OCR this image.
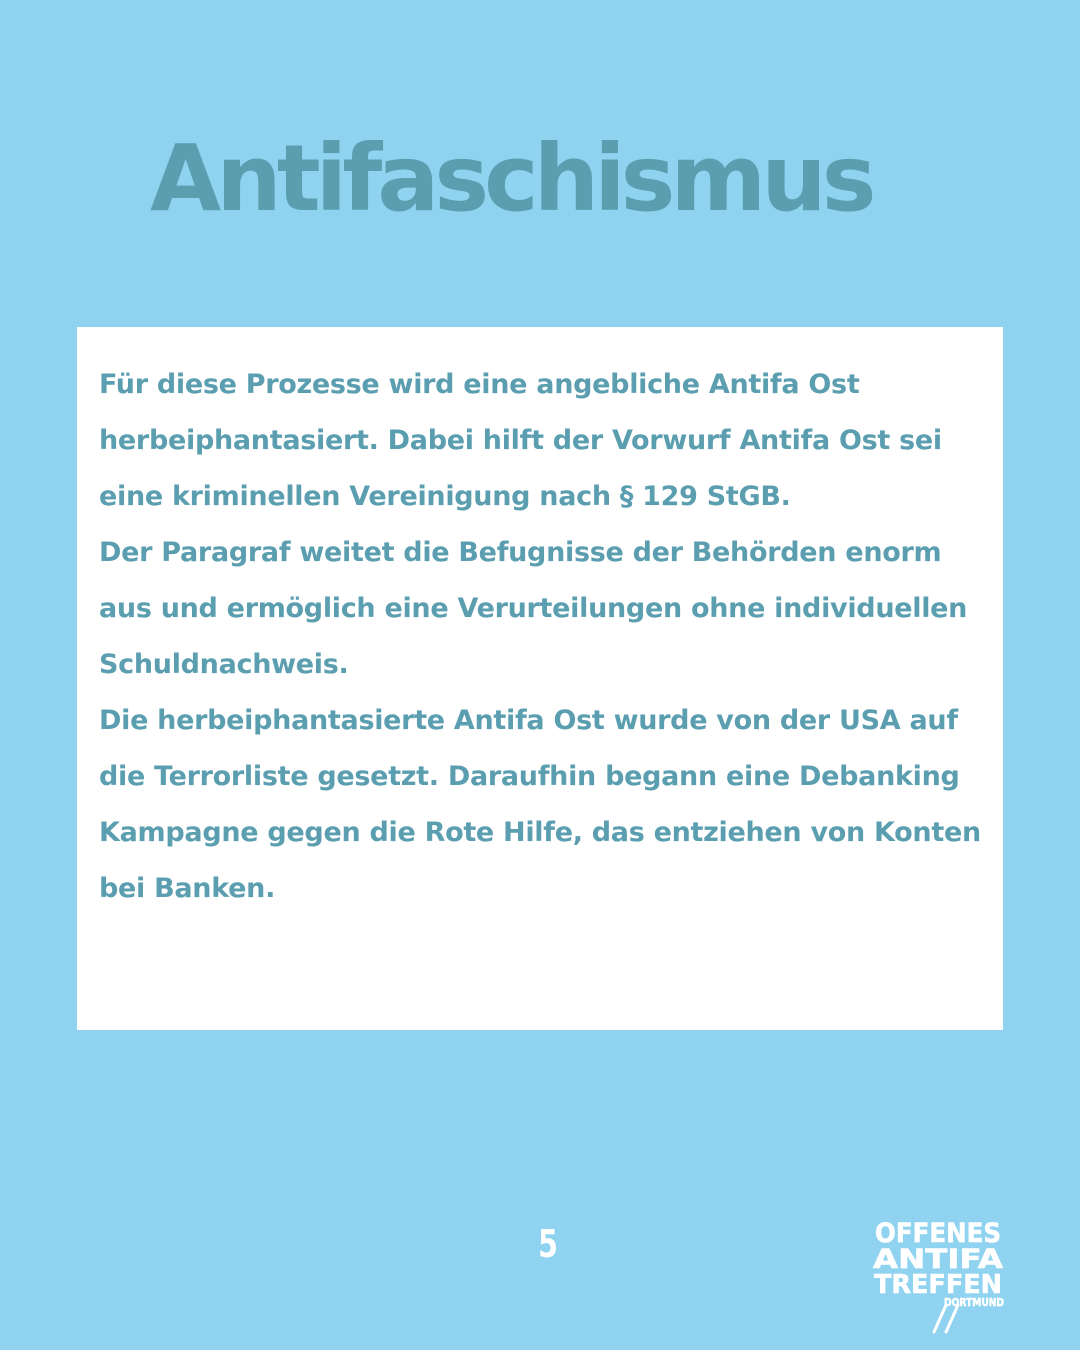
Antifaschismus

Für diese Prozesse wird eine angebliche Antifa Ost herbeiphantasiert. Dabei hilft der Vorwurf Antifa Ost sei eine kriminellen Vereinigung nach § 129 StGB.

Der Paragraf weitet die Befugnisse der Behörden enorm aus und ermöglich eine Verurteilungen ohne individuellen Schuldnachweis.

Die herbeiphantasierte Antifa Ost wurde von der USA auf die Terrorliste gesetzt. Daraufhin begann eine Debanking Kampagne gegen die Rote Hilfe, das entziehen von Konten bei Banken.

5	OFFENES
ANTIFA
TREFFEN
DORTMUND
